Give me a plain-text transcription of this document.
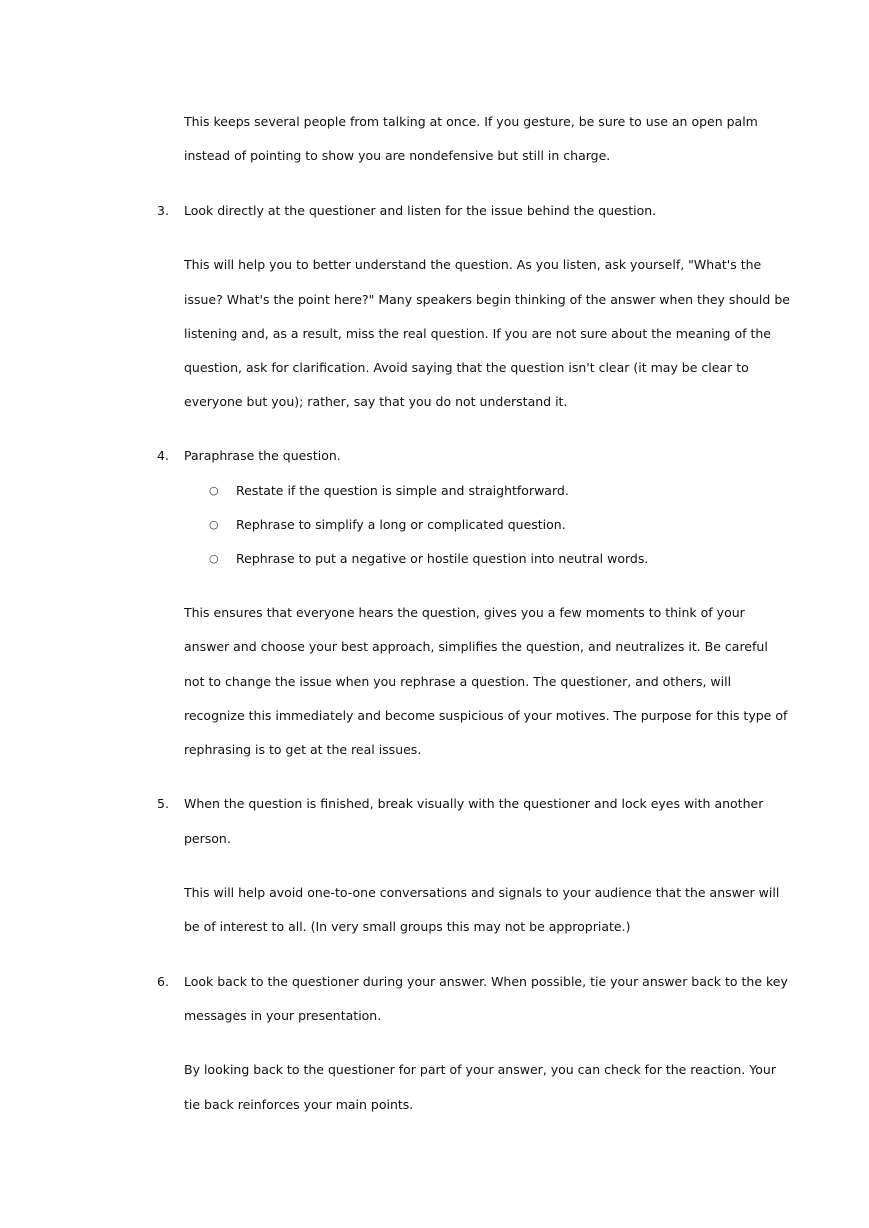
This keeps several people from talking at once. If you gesture, be sure to use an open palm
instead of pointing to show you are nondefensive but still in charge.
3. Look directly at the questioner and listen for the issue behind the question.
This will help you to better understand the question. As you listen, ask yourself, "What's the
issue? What's the point here?" Many speakers begin thinking of the answer when they should be
listening and, as a result, miss the real question. If you are not sure about the meaning of the
question, ask for clarification. Avoid saying that the question isn't clear (it may be clear to
everyone but you); rather, say that you do not understand it.
4. Paraphrase the question.
○ Restate if the question is simple and straightforward.
○ Rephrase to simplify a long or complicated question.
○ Rephrase to put a negative or hostile question into neutral words.
This ensures that everyone hears the question, gives you a few moments to think of your
answer and choose your best approach, simplifies the question, and neutralizes it. Be careful
not to change the issue when you rephrase a question. The questioner, and others, will
recognize this immediately and become suspicious of your motives. The purpose for this type of
rephrasing is to get at the real issues.
5. When the question is finished, break visually with the questioner and lock eyes with another
person.
This will help avoid one-to-one conversations and signals to your audience that the answer will
be of interest to all. (In very small groups this may not be appropriate.)
6. Look back to the questioner during your answer. When possible, tie your answer back to the key
messages in your presentation.
By looking back to the questioner for part of your answer, you can check for the reaction. Your
tie back reinforces your main points.
